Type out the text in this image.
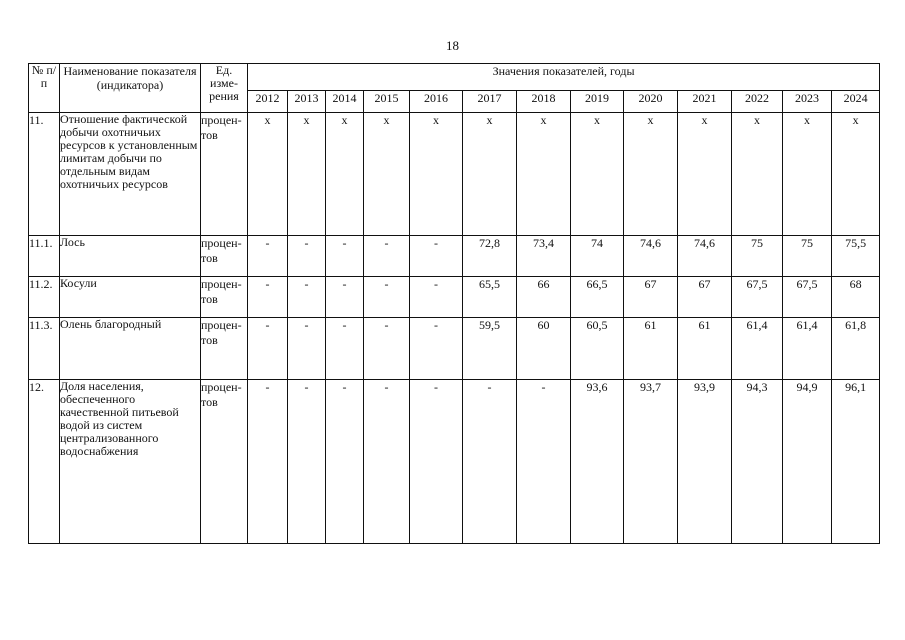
18
№ п/п	Наименование показателя (индикатора)	Ед. изме-рения	Значения показателей, годы												
			2012	2013	2014	2015	2016	2017	2018	2019	2020	2021	2022	2023	2024
11.	Отношение фактической добычи охотничьих ресурсов к установленным лимитам добычи по отдельным видам охотничьих ресурсов	процен-тов	х	х	х	х	х	х	х	х	х	х	х	х	х
11.1.	Лось	процен-тов	-	-	-	-	-	72,8	73,4	74	74,6	74,6	75	75	75,5
11.2.	Косули	процен-тов	-	-	-	-	-	65,5	66	66,5	67	67	67,5	67,5	68
11.3.	Олень благородный	процен-тов	-	-	-	-	-	59,5	60	60,5	61	61	61,4	61,4	61,8
12.	Доля населения, обеспеченного качественной питьевой водой из систем централизованного водоснабжения	процен-тов	-	-	-	-	-	-	-	93,6	93,7	93,9	94,3	94,9	96,1
